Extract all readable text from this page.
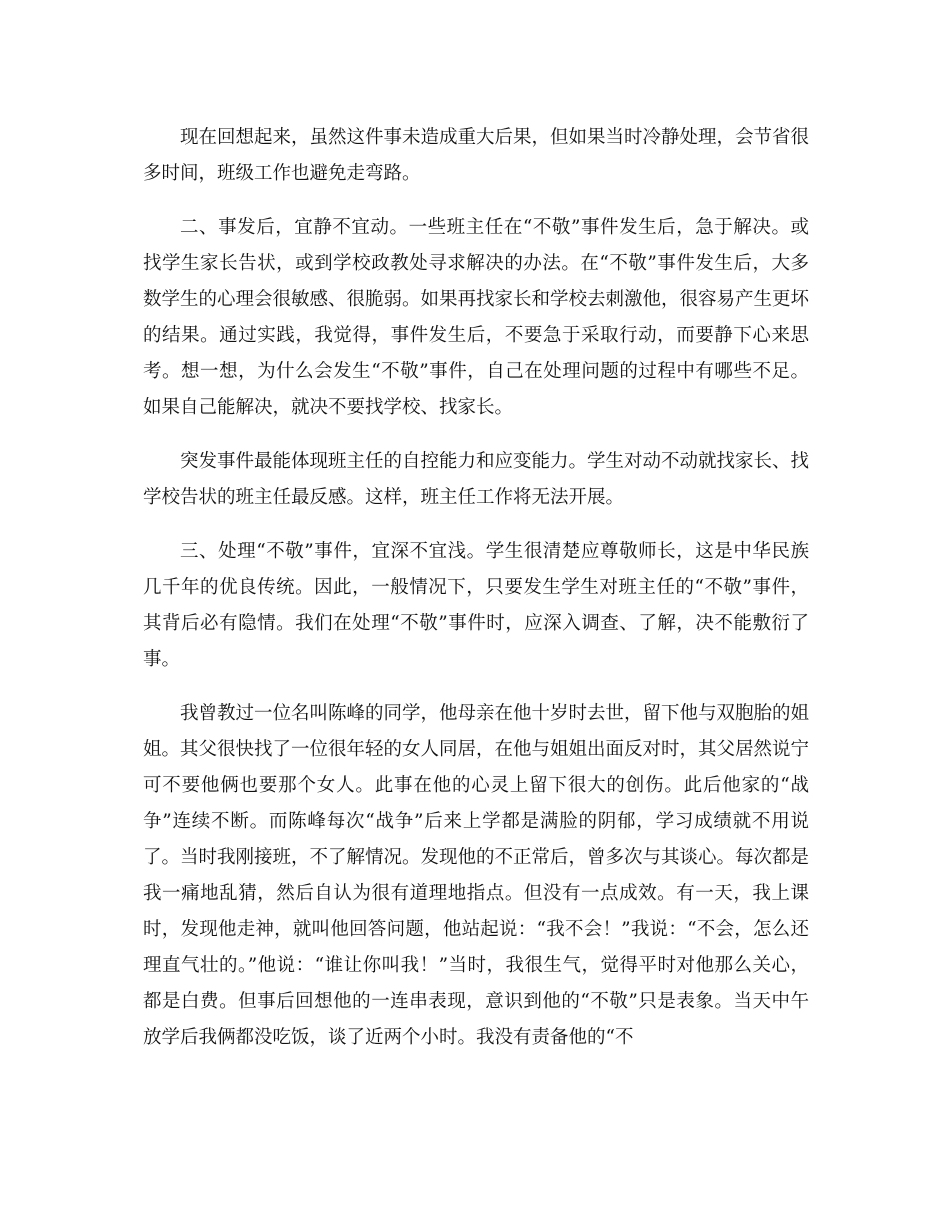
现在回想起来，虽然这件事未造成重大后果，但如果当时冷静处理，会节省很多时间，班级工作也避免走弯路。

二、事发后，宜静不宜动。一些班主任在“不敬”事件发生后，急于解决。或找学生家长告状，或到学校政教处寻求解决的办法。在“不敬”事件发生后，大多数学生的心理会很敏感、很脆弱。如果再找家长和学校去刺激他，很容易产生更坏的结果。通过实践，我觉得，事件发生后，不要急于采取行动，而要静下心来思考。想一想，为什么会发生“不敬”事件，自己在处理问题的过程中有哪些不足。如果自己能解决，就决不要找学校、找家长。

突发事件最能体现班主任的自控能力和应变能力。学生对动不动就找家长、找学校告状的班主任最反感。这样，班主任工作将无法开展。

三、处理“不敬”事件，宜深不宜浅。学生很清楚应尊敬师长，这是中华民族几千年的优良传统。因此，一般情况下，只要发生学生对班主任的“不敬”事件，其背后必有隐情。我们在处理“不敬”事件时，应深入调查、了解，决不能敷衍了事。

我曾教过一位名叫陈峰的同学，他母亲在他十岁时去世，留下他与双胞胎的姐姐。其父很快找了一位很年轻的女人同居，在他与姐姐出面反对时，其父居然说宁可不要他俩也要那个女人。此事在他的心灵上留下很大的创伤。此后他家的“战争”连续不断。而陈峰每次“战争”后来上学都是满脸的阴郁，学习成绩就不用说了。当时我刚接班，不了解情况。发现他的不正常后，曾多次与其谈心。每次都是我一痛地乱猜，然后自认为很有道理地指点。但没有一点成效。有一天，我上课时，发现他走神，就叫他回答问题，他站起说：“我不会！”我说：“不会，怎么还理直气壮的。”他说：“谁让你叫我！”当时，我很生气，觉得平时对他那么关心，都是白费。但事后回想他的一连串表现，意识到他的“不敬”只是表象。当天中午放学后我俩都没吃饭，谈了近两个小时。我没有责备他的“不
